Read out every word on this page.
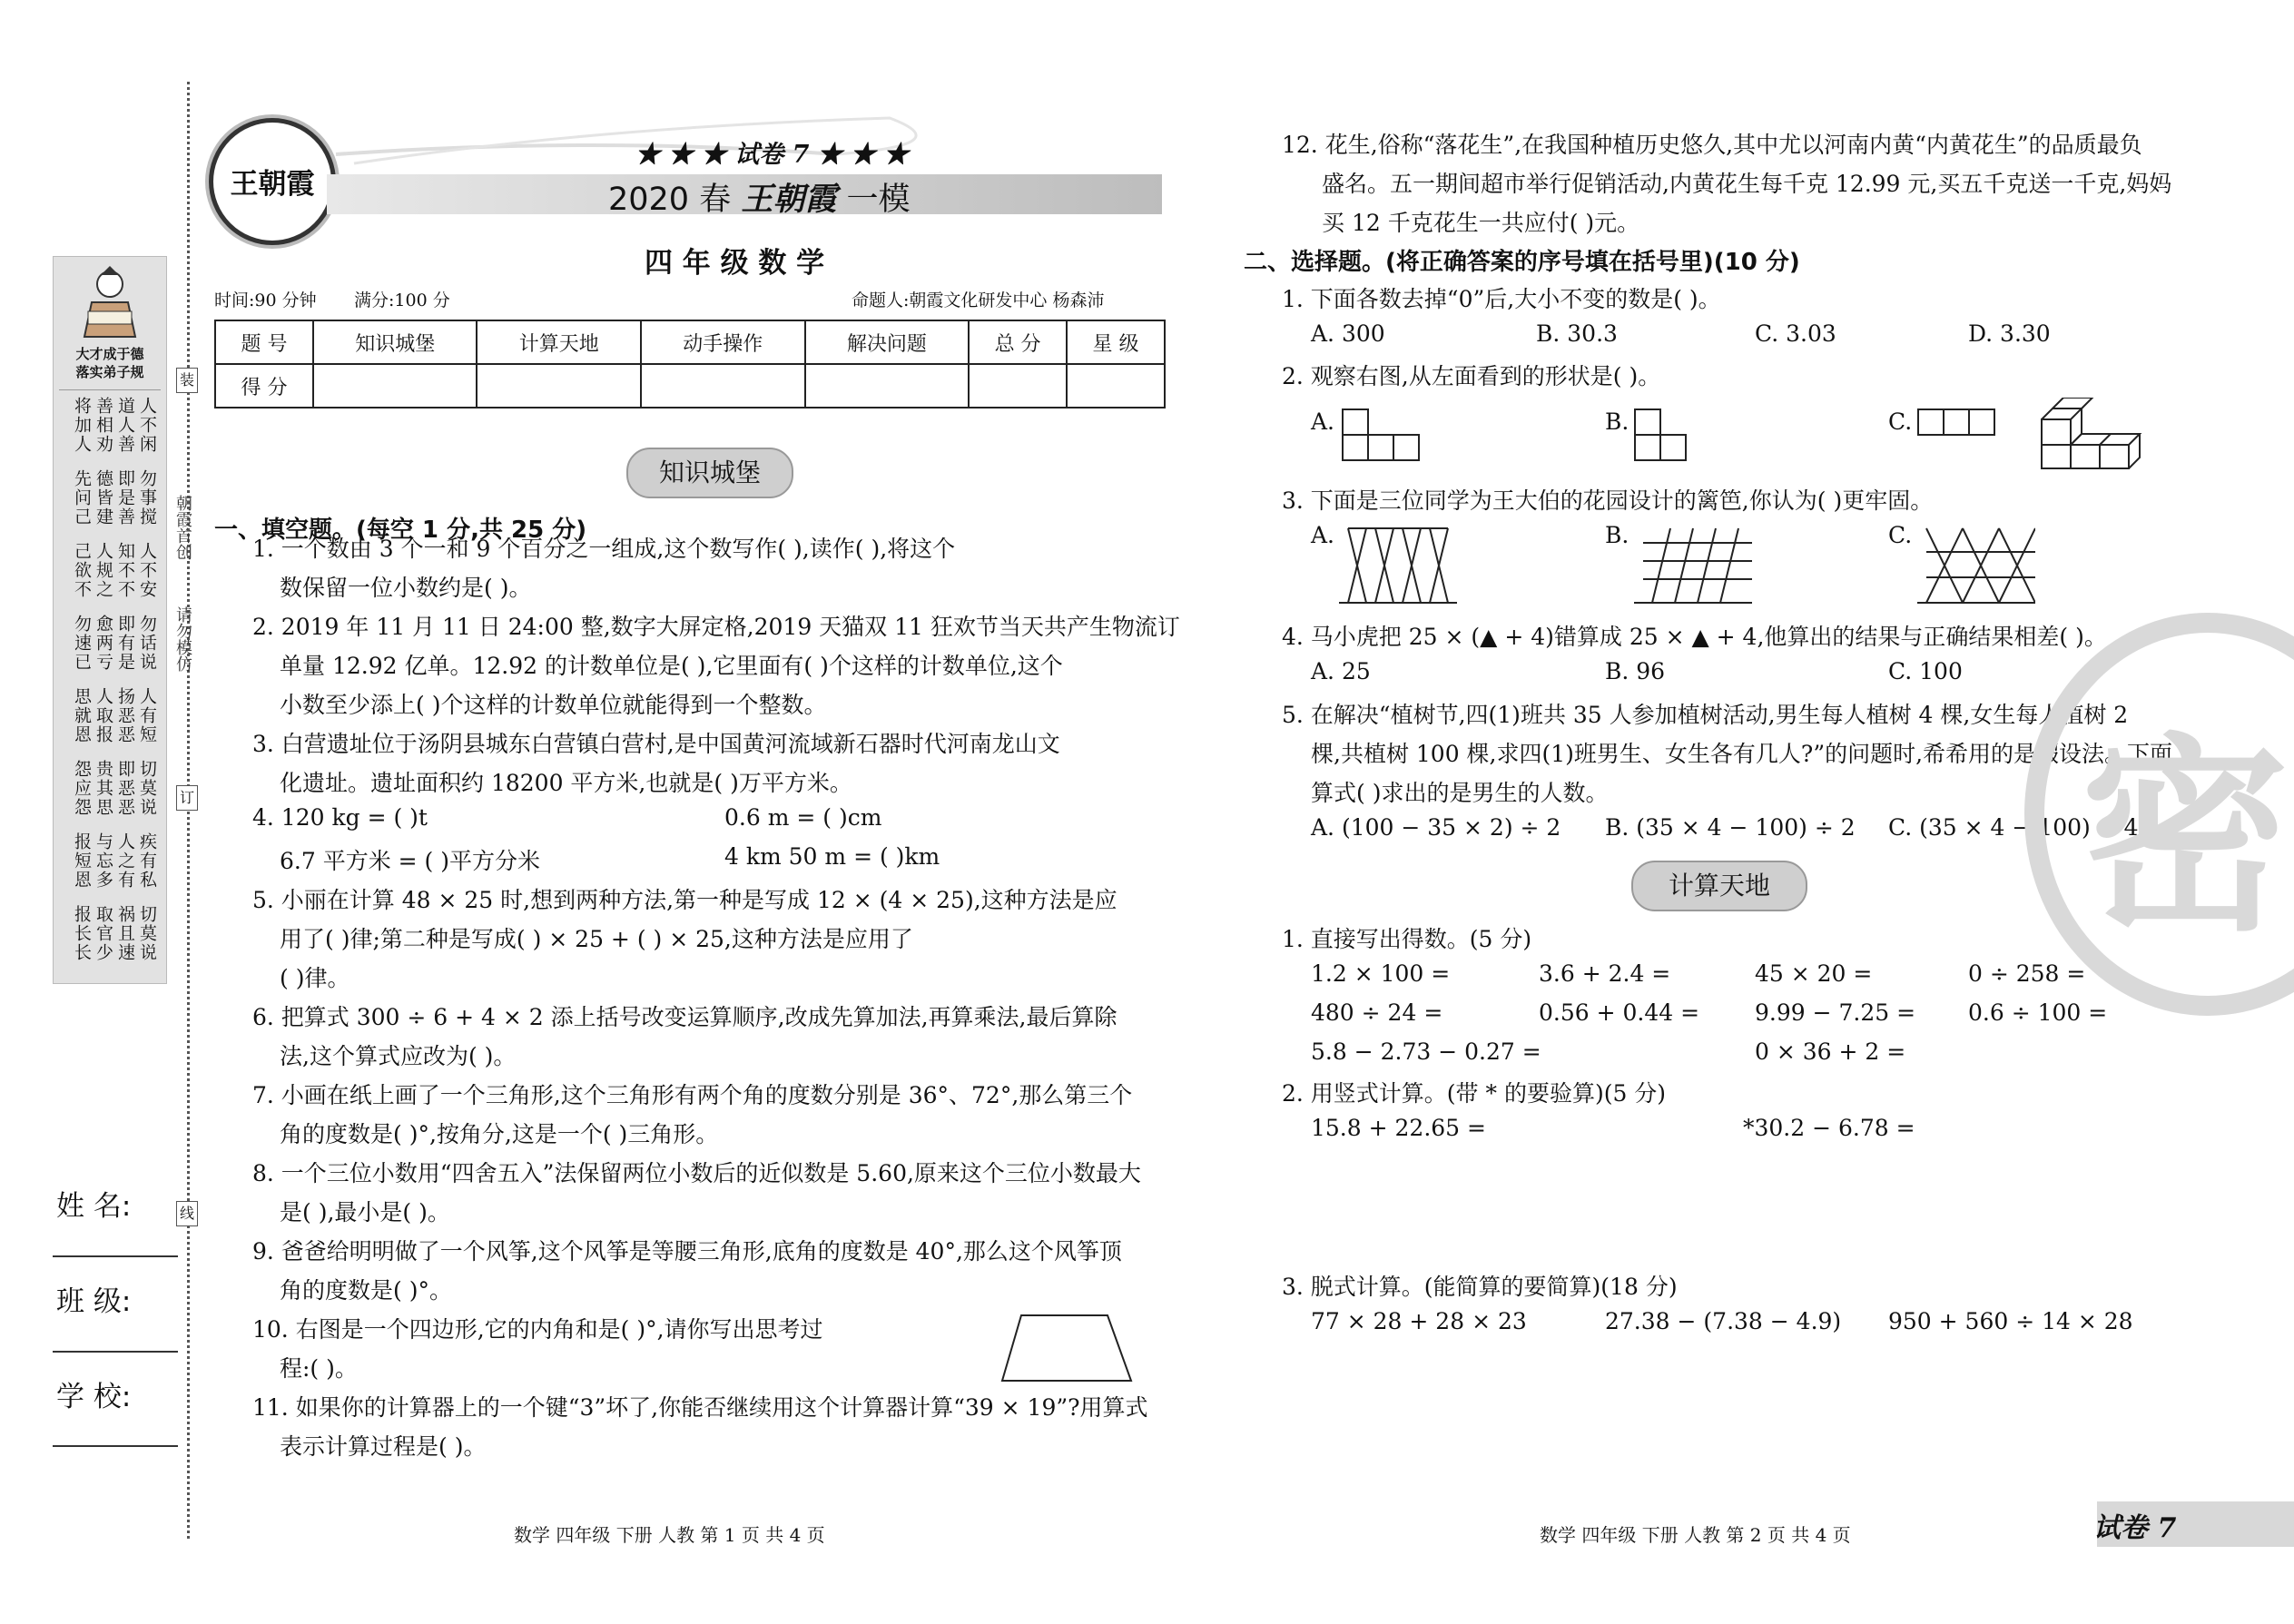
朝霞首创
请勿模仿
装
订
线
大才成于德
落实弟子规
人不闲
道人善
善相劝
将加人
勿事搅
即是善
德皆建
先问己
人不安
知不不
人规之
己欲不
勿话说
即有是
愈两亏
勿速已
人有短
扬恶恶
人取报
思就恩
切莫说
即恶恶
贵其思
怨应怨
疾有私
人之有
与忘多
报短恩
切莫说
祸且速
取官少
报长长
姓 名:
班 级:
学 校:
王朝霞
★ ★ ★ 试卷 7 ★ ★ ★
2020 春 王朝霞 一模
四 年 级 数 学
时间:90 分钟 满分:100 分	命题人:朝霞文化研发中心 杨森沛
题 号	知识城堡	计算天地	动手操作	解决问题	总 分	星 级
得 分						
知识城堡
一、填空题。(每空 1 分,共 25 分)
1. 一个数由 3 个一和 9 个百分之一组成,这个数写作( ),读作( ),将这个
数保留一位小数约是( )。
2. 2019 年 11 月 11 日 24:00 整,数字大屏定格,2019 天猫双 11 狂欢节当天共产生物流订
单量 12.92 亿单。12.92 的计数单位是( ),它里面有( )个这样的计数单位,这个
小数至少添上( )个这样的计数单位就能得到一个整数。
3. 白营遗址位于汤阴县城东白营镇白营村,是中国黄河流域新石器时代河南龙山文
化遗址。遗址面积约 18200 平方米,也就是( )万平方米。
4. 120 kg = ( )t	0.6 m = ( )cm
6.7 平方米 = ( )平方分米	4 km 50 m = ( )km
5. 小丽在计算 48 × 25 时,想到两种方法,第一种是写成 12 × (4 × 25),这种方法是应
用了( )律;第二种是写成( ) × 25 + ( ) × 25,这种方法是应用了
( )律。
6. 把算式 300 ÷ 6 + 4 × 2 添上括号改变运算顺序,改成先算加法,再算乘法,最后算除
法,这个算式应改为( )。
7. 小画在纸上画了一个三角形,这个三角形有两个角的度数分别是 36°、72°,那么第三个
角的度数是( )°,按角分,这是一个( )三角形。
8. 一个三位小数用“四舍五入”法保留两位小数后的近似数是 5.60,原来这个三位小数最大
是( ),最小是( )。
9. 爸爸给明明做了一个风筝,这个风筝是等腰三角形,底角的度数是 40°,那么这个风筝顶
角的度数是( )°。
10. 右图是一个四边形,它的内角和是( )°,请你写出思考过
程:( )。
11. 如果你的计算器上的一个键“3”坏了,你能否继续用这个计算器计算“39 × 19”?用算式
表示计算过程是( )。
12. 花生,俗称“落花生”,在我国种植历史悠久,其中尤以河南内黄“内黄花生”的品质最负
盛名。五一期间超市举行促销活动,内黄花生每千克 12.99 元,买五千克送一千克,妈妈
买 12 千克花生一共应付( )元。
二、选择题。(将正确答案的序号填在括号里)(10 分)
1. 下面各数去掉“0”后,大小不变的数是( )。
A. 300	B. 30.3	C. 3.03	D. 3.30
2. 观察右图,从左面看到的形状是( )。
A.	B.	C.
3. 下面是三位同学为王大伯的花园设计的篱笆,你认为( )更牢固。
A.	B.	C.
4. 马小虎把 25 × (▲ + 4)错算成 25 × ▲ + 4,他算出的结果与正确结果相差( )。
A. 25	B. 96	C. 100
5. 在解决“植树节,四(1)班共 35 人参加植树活动,男生每人植树 4 棵,女生每人植树 2
棵,共植树 100 棵,求四(1)班男生、女生各有几人?”的问题时,希希用的是假设法。下面
算式( )求出的是男生的人数。
A. (100 − 35 × 2) ÷ 2 B. (35 × 4 − 100) ÷ 2 C. (35 × 4 − 100) ÷ 4
计算天地
1. 直接写出得数。(5 分)
1.2 × 100 =	3.6 + 2.4 =	45 × 20 =	0 ÷ 258 =
480 ÷ 24 =	0.56 + 0.44 = 9.99 − 7.25 = 0.6 ÷ 100 =
5.8 − 2.73 − 0.27 =	0 × 36 + 2 =
2. 用竖式计算。(带 * 的要验算)(5 分)
15.8 + 22.65 =	*30.2 − 6.78 =
3. 脱式计算。(能简算的要简算)(18 分)
77 × 28 + 28 × 23	27.38 − (7.38 − 4.9) 950 + 560 ÷ 14 × 28
密
数学 四年级 下册 人教 第 1 页 共 4 页	数学 四年级 下册 人教 第 2 页 共 4 页	试卷 7
